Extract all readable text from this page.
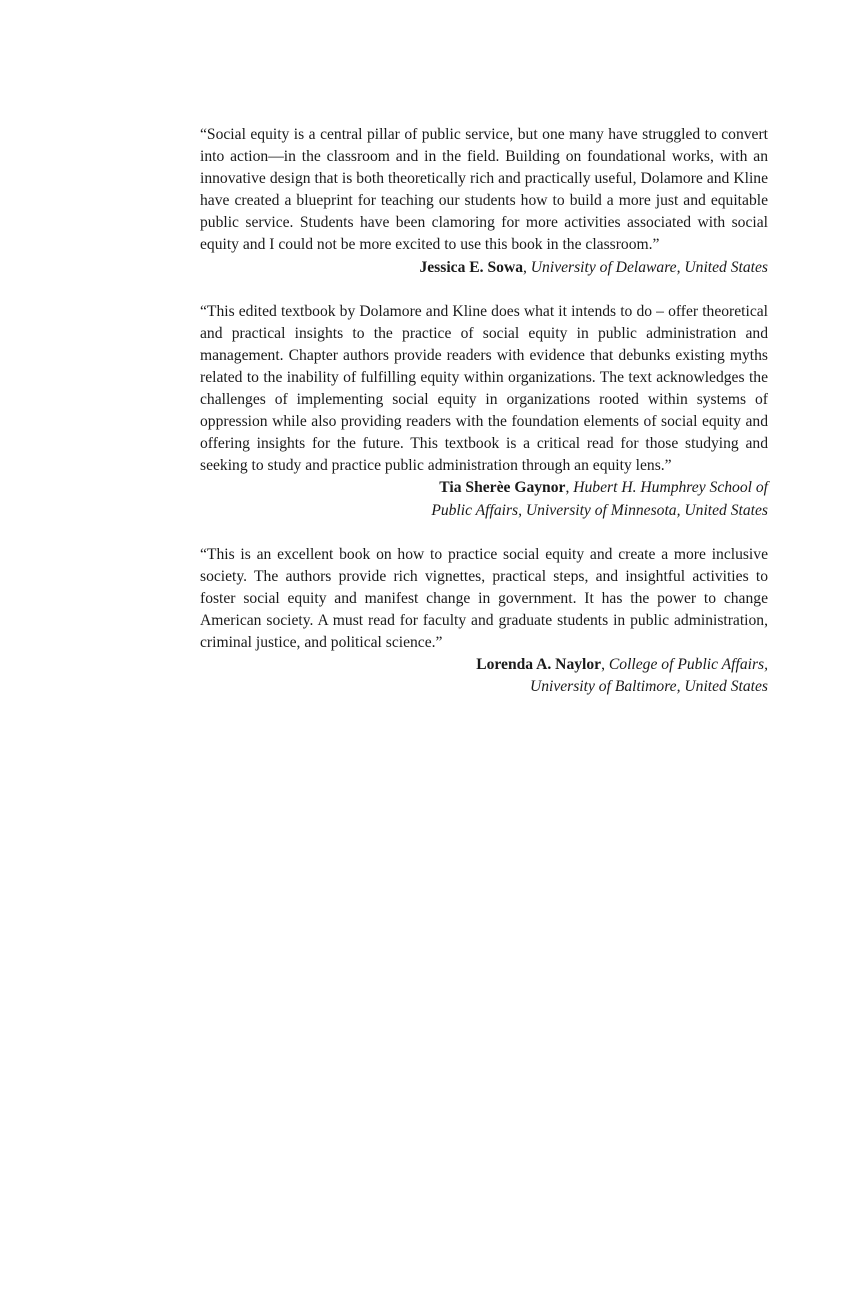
“Social equity is a central pillar of public service, but one many have struggled to convert into action—in the classroom and in the field. Building on foundational works, with an innovative design that is both theoretically rich and practically useful, Dolamore and Kline have created a blueprint for teaching our students how to build a more just and equitable public service. Students have been clamoring for more activities associated with social equity and I could not be more excited to use this book in the classroom.”

Jessica E. Sowa, University of Delaware, United States

“This edited textbook by Dolamore and Kline does what it intends to do – offer theoretical and practical insights to the practice of social equity in public administration and management. Chapter authors provide readers with evidence that debunks existing myths related to the inability of fulfilling equity within organizations. The text acknowledges the challenges of implementing social equity in organizations rooted within systems of oppression while also providing readers with the foundation elements of social equity and offering insights for the future. This textbook is a critical read for those studying and seeking to study and practice public administration through an equity lens.”

Tia Sherèe Gaynor, Hubert H. Humphrey School of
Public Affairs, University of Minnesota, United States

“This is an excellent book on how to practice social equity and create a more inclusive society. The authors provide rich vignettes, practical steps, and insightful activities to foster social equity and manifest change in government. It has the power to change American society. A must read for faculty and graduate students in public administration, criminal justice, and political science.”

Lorenda A. Naylor, College of Public Affairs,
University of Baltimore, United States
